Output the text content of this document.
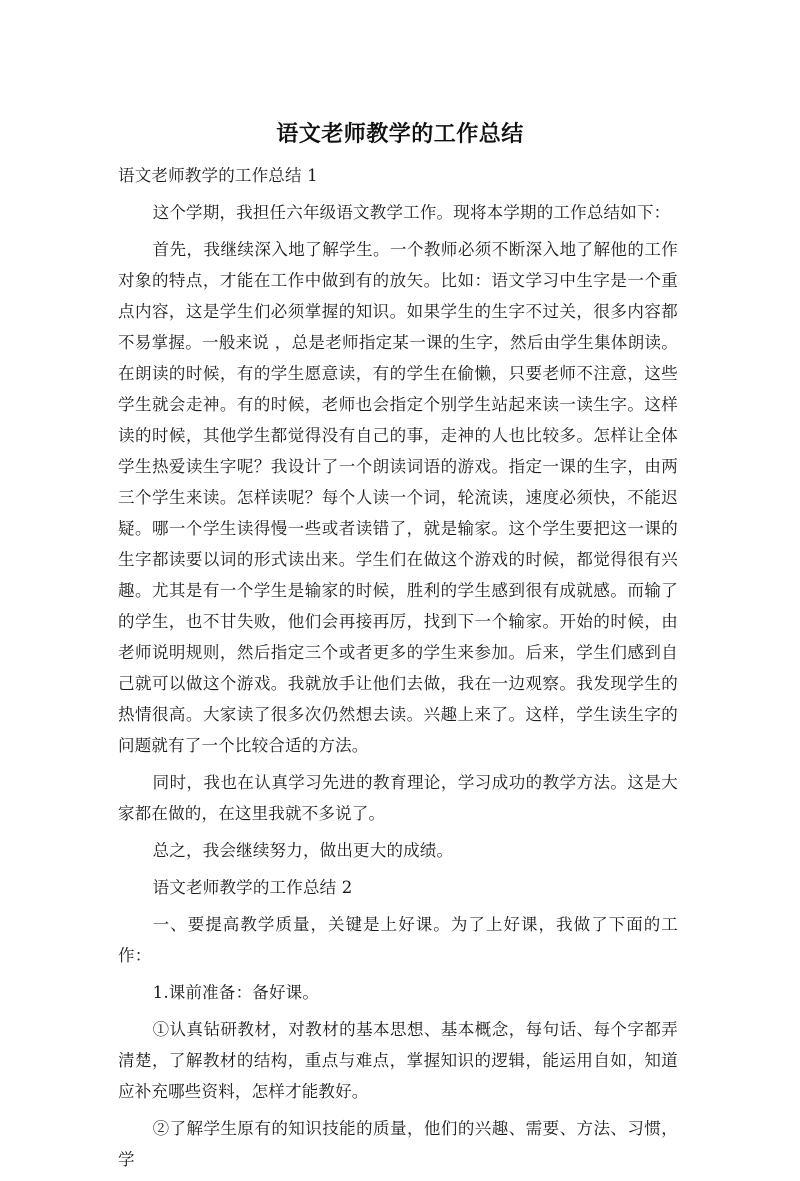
语文老师教学的工作总结

语文老师教学的工作总结 1

这个学期，我担任六年级语文教学工作。现将本学期的工作总结如下：

首先，我继续深入地了解学生。一个教师必须不断深入地了解他的工作对象的特点，才能在工作中做到有的放矢。比如：语文学习中生字是一个重点内容，这是学生们必须掌握的知识。如果学生的生字不过关，很多内容都不易掌握。一般来说 ，总是老师指定某一课的生字，然后由学生集体朗读。在朗读的时候，有的学生愿意读，有的学生在偷懒，只要老师不注意，这些学生就会走神。有的时候，老师也会指定个别学生站起来读一读生字。这样读的时候，其他学生都觉得没有自己的事，走神的人也比较多。怎样让全体学生热爱读生字呢？我设计了一个朗读词语的游戏。指定一课的生字，由两三个学生来读。怎样读呢？每个人读一个词，轮流读，速度必须快，不能迟疑。哪一个学生读得慢一些或者读错了，就是输家。这个学生要把这一课的生字都读要以词的形式读出来。学生们在做这个游戏的时候，都觉得很有兴趣。尤其是有一个学生是输家的时候，胜利的学生感到很有成就感。而输了的学生，也不甘失败，他们会再接再厉，找到下一个输家。开始的时候，由老师说明规则，然后指定三个或者更多的学生来参加。后来，学生们感到自己就可以做这个游戏。我就放手让他们去做，我在一边观察。我发现学生的热情很高。大家读了很多次仍然想去读。兴趣上来了。这样，学生读生字的问题就有了一个比较合适的方法。

同时，我也在认真学习先进的教育理论，学习成功的教学方法。这是大家都在做的，在这里我就不多说了。

总之，我会继续努力，做出更大的成绩。

语文老师教学的工作总结 2

一、要提高教学质量，关键是上好课。为了上好课，我做了下面的工作：

1.课前准备：备好课。

①认真钻研教材，对教材的基本思想、基本概念，每句话、每个字都弄清楚，了解教材的结构，重点与难点，掌握知识的逻辑，能运用自如，知道应补充哪些资料，怎样才能教好。

②了解学生原有的知识技能的质量，他们的兴趣、需要、方法、习惯，学
